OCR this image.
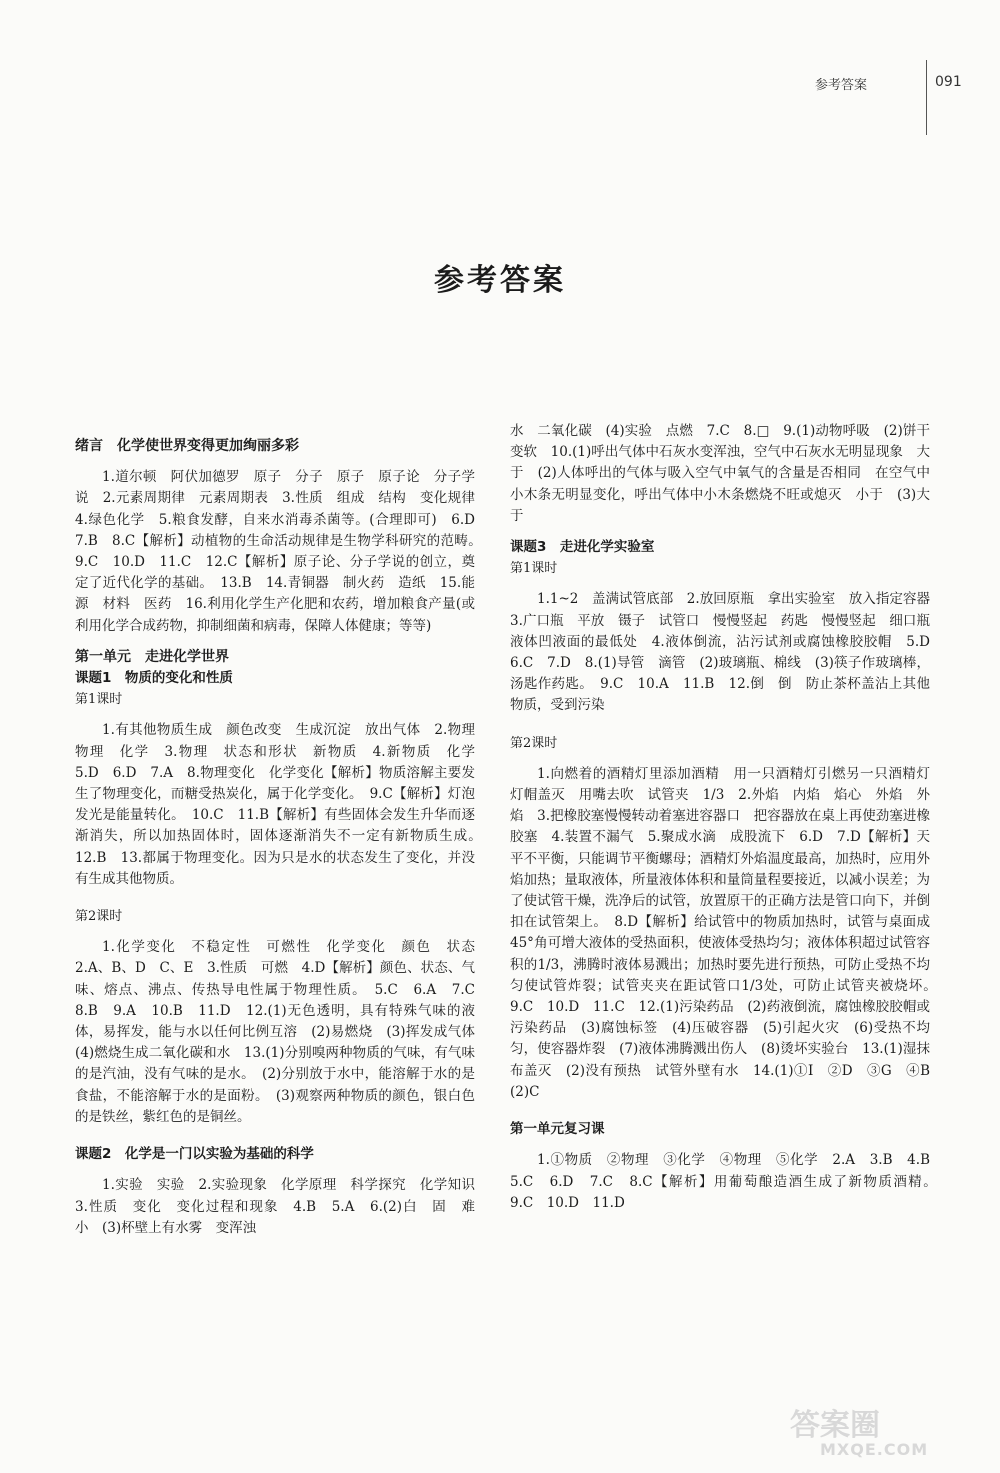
参考答案	091
参考答案

绪言　化学使世界变得更加绚丽多彩

1.道尔顿　阿伏加德罗　原子　分子　原子　原子论　分子学说　2.元素周期律　元素周期表　3.性质　组成　结构　变化规律　4.绿色化学　5.粮食发酵，自来水消毒杀菌等。(合理即可)　6.D　7.B　8.C【解析】动植物的生命活动规律是生物学科研究的范畴。　9.C　10.D　11.C　12.C【解析】原子论、分子学说的创立，奠定了近代化学的基础。　13.B　14.青铜器　制火药　造纸　15.能源　材料　医药　16.利用化学生产化肥和农药，增加粮食产量(或利用化学合成药物，抑制细菌和病毒，保障人体健康；等等)

第一单元　走进化学世界

课题1　物质的变化和性质

第1课时

1.有其他物质生成　颜色改变　生成沉淀　放出气体　2.物理　物理　化学　3.物理　状态和形状　新物质　4.新物质　化学　5.D　6.D　7.A　8.物理变化　化学变化【解析】物质溶解主要发生了物理变化，而糖受热炭化，属于化学变化。　9.C【解析】灯泡发光是能量转化。　10.C　11.B【解析】有些固体会发生升华而逐渐消失，所以加热固体时，固体逐渐消失不一定有新物质生成。　12.B　13.都属于物理变化。因为只是水的状态发生了变化，并没有生成其他物质。

第2课时

1.化学变化　不稳定性　可燃性　化学变化　颜色　状态　2.A、B、D　C、E　3.性质　可燃　4.D【解析】颜色、状态、气味、熔点、沸点、传热导电性属于物理性质。　5.C　6.A　7.C　8.B　9.A　10.B　11.D　12.(1)无色透明，具有特殊气味的液体，易挥发，能与水以任何比例互溶　(2)易燃烧　(3)挥发成气体　(4)燃烧生成二氧化碳和水　13.(1)分别嗅两种物质的气味，有气味的是汽油，没有气味的是水。　(2)分别放于水中，能溶解于水的是食盐，不能溶解于水的是面粉。　(3)观察两种物质的颜色，银白色的是铁丝，紫红色的是铜丝。

课题2　化学是一门以实验为基础的科学

1.实验　实验　2.实验现象　化学原理　科学探究　化学知识　3.性质　变化　变化过程和现象　4.B　5.A　6.(2)白　固　难　小　(3)杯壁上有水雾　变浑浊

水　二氧化碳　(4)实验　点燃　7.C　8.□　9.(1)动物呼吸　(2)饼干变软　10.(1)呼出气体中石灰水变浑浊，空气中石灰水无明显现象　大于　(2)人体呼出的气体与吸入空气中氧气的含量是否相同　在空气中小木条无明显变化，呼出气体中小木条燃烧不旺或熄灭　小于　(3)大于

课题3　走进化学实验室

第1课时

1.1~2　盖满试管底部　2.放回原瓶　拿出实验室　放入指定容器　3.广口瓶　平放　镊子　试管口　慢慢竖起　药匙　慢慢竖起　细口瓶　液体凹液面的最低处　4.液体倒流，沾污试剂或腐蚀橡胶胶帽　5.D　6.C　7.D　8.(1)导管　滴管　(2)玻璃瓶、棉线　(3)筷子作玻璃棒，汤匙作药匙。　9.C　10.A　11.B　12.倒　倒　防止茶杯盖沾上其他物质，受到污染

第2课时

1.向燃着的酒精灯里添加酒精　用一只酒精灯引燃另一只酒精灯　灯帽盖灭　用嘴去吹　试管夹　1/3　2.外焰　内焰　焰心　外焰　外焰　3.把橡胶塞慢慢转动着塞进容器口　把容器放在桌上再使劲塞进橡胶塞　4.装置不漏气　5.聚成水滴　成股流下　6.D　7.D【解析】天平不平衡，只能调节平衡螺母；酒精灯外焰温度最高，加热时，应用外焰加热；量取液体，所量液体体积和量筒量程要接近，以减小误差；为了使试管干燥，洗净后的试管，放置原干的正确方法是管口向下，并倒扣在试管架上。　8.D【解析】给试管中的物质加热时，试管与桌面成45°角可增大液体的受热面积，使液体受热均匀；液体体积超过试管容积的1/3，沸腾时液体易溅出；加热时要先进行预热，可防止受热不均匀使试管炸裂；试管夹夹在距试管口1/3处，可防止试管夹被烧坏。　9.C　10.D　11.C　12.(1)污染药品　(2)药液倒流，腐蚀橡胶胶帽或污染药品　(3)腐蚀标签　(4)压破容器　(5)引起火灾　(6)受热不均匀，使容器炸裂　(7)液体沸腾溅出伤人　(8)烫坏实验台　13.(1)湿抹布盖灭　(2)没有预热　试管外壁有水　14.(1)①I　②D　③G　④B　(2)C

第一单元复习课

1.①物质　②物理　③化学　④物理　⑤化学　2.A　3.B　4.B　5.C　6.D　7.C　8.C【解析】用葡萄酿造酒生成了新物质酒精。　9.C　10.D　11.D

答案圈
MXQE.COM
